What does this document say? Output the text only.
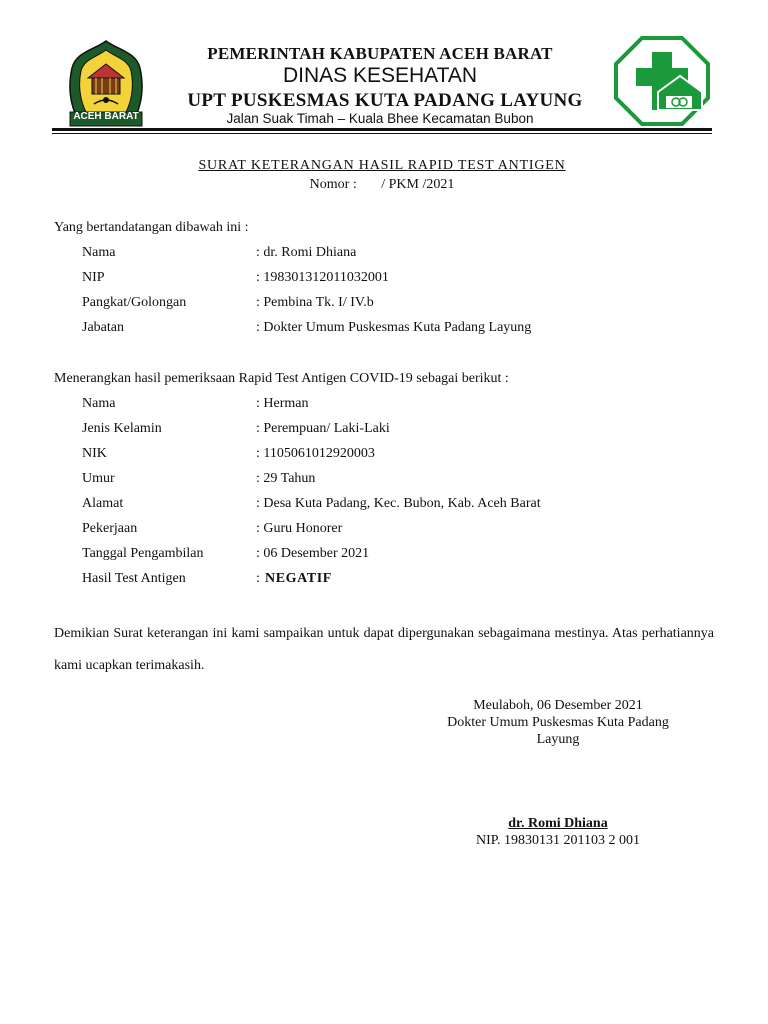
ACEH BARAT
PEMERINTAH KABUPATEN ACEH BARAT
DINAS KESEHATAN
UPT PUSKESMAS KUTA PADANG LAYUNG
Jalan Suak Timah – Kuala Bhee Kecamatan Bubon
SURAT KETERANGAN HASIL RAPID TEST ANTIGEN
Nomor :       / PKM /2021
Yang bertandatangan dibawah ini :
Nama	: dr. Romi Dhiana
NIP	: 198301312011032001
Pangkat/Golongan	: Pembina Tk. I/ IV.b
Jabatan	: Dokter Umum Puskesmas Kuta Padang Layung
Menerangkan hasil pemeriksaan Rapid Test Antigen COVID-19 sebagai berikut :
Nama	: Herman
Jenis Kelamin	: Perempuan/ Laki-Laki
NIK	: 1105061012920003
Umur	: 29 Tahun
Alamat	: Desa Kuta Padang, Kec. Bubon, Kab. Aceh Barat
Pekerjaan	: Guru Honorer
Tanggal Pengambilan	: 06 Desember 2021
Hasil Test Antigen	: NEGATIF
Demikian Surat keterangan ini kami sampaikan untuk dapat dipergunakan sebagaimana mestinya. Atas perhatiannya kami ucapkan terimakasih.
Meulaboh, 06 Desember 2021
Dokter Umum Puskesmas Kuta Padang
Layung
dr. Romi Dhiana
NIP. 19830131 201103 2 001
